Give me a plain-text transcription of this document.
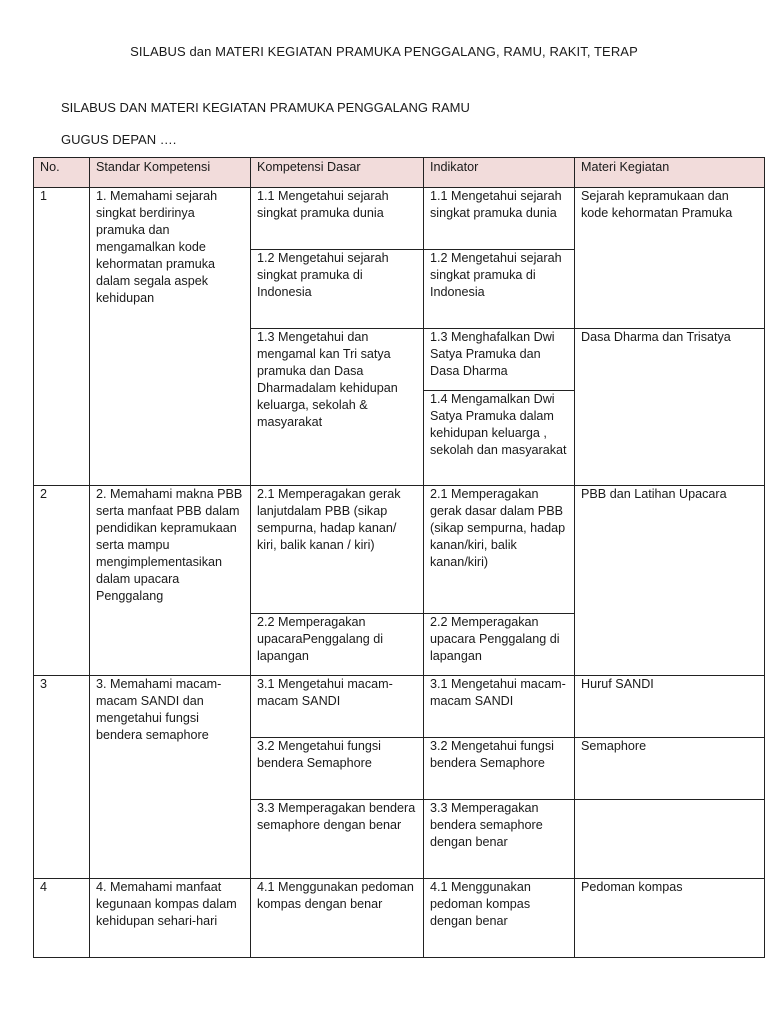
SILABUS dan MATERI KEGIATAN PRAMUKA PENGGALANG, RAMU, RAKIT, TERAP
SILABUS DAN MATERI KEGIATAN PRAMUKA PENGGALANG RAMU
GUGUS DEPAN ….
No.	Standar Kompetensi	Kompetensi Dasar	Indikator	Materi Kegiatan
1	1. Memahami sejarah singkat berdirinya pramuka dan mengamalkan kode kehormatan pramuka dalam segala aspek kehidupan	1.1 Mengetahui sejarah singkat pramuka dunia	1.1 Mengetahui sejarah singkat pramuka dunia	Sejarah kepramukaan dan kode kehormatan Pramuka
		1.2 Mengetahui sejarah singkat pramuka di Indonesia	1.2 Mengetahui sejarah singkat pramuka di Indonesia	
		1.3 Mengetahui dan mengamal kan Tri satya pramuka dan Dasa Dharmadalam kehidupan keluarga, sekolah & masyarakat	1.3 Menghafalkan Dwi Satya Pramuka dan Dasa Dharma	Dasa Dharma dan Trisatya
			1.4 Mengamalkan Dwi Satya Pramuka dalam kehidupan keluarga , sekolah dan masyarakat	
2	2. Memahami makna PBB serta manfaat PBB dalam pendidikan kepramukaan serta mampu mengimplementasikan dalam upacara Penggalang	2.1 Memperagakan gerak lanjutdalam PBB (sikap sempurna, hadap kanan/ kiri, balik kanan / kiri)	2.1 Memperagakan gerak dasar dalam PBB (sikap sempurna, hadap kanan/kiri, balik kanan/kiri)	PBB dan Latihan Upacara
		2.2 Memperagakan upacaraPenggalang di lapangan	2.2 Memperagakan upacara Penggalang di lapangan	
3	3. Memahami macam-macam SANDI dan mengetahui fungsi bendera semaphore	3.1 Mengetahui macam-macam SANDI	3.1 Mengetahui macam-macam SANDI	Huruf SANDI
		3.2 Mengetahui fungsi bendera Semaphore	3.2 Mengetahui fungsi bendera Semaphore	Semaphore
		3.3 Memperagakan bendera semaphore dengan benar	3.3 Memperagakan bendera semaphore dengan benar	
4	4. Memahami manfaat kegunaan kompas dalam kehidupan sehari-hari	4.1 Menggunakan pedoman kompas dengan benar	4.1 Menggunakan pedoman kompas dengan benar	Pedoman kompas
